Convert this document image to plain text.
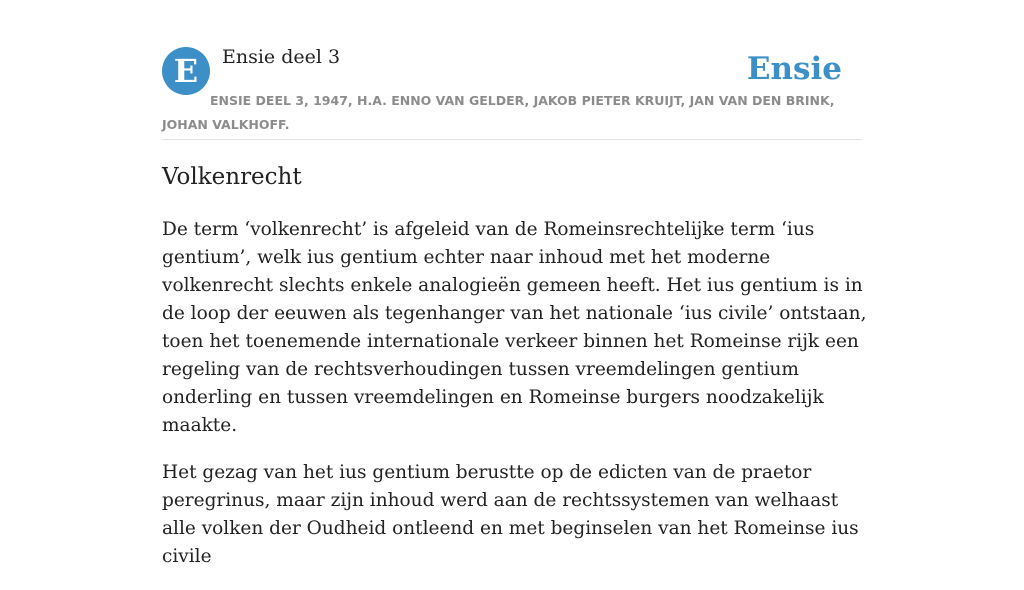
E	Ensie deel 3	Ensie
ENSIE DEEL 3, 1947, H.A. ENNO VAN GELDER, JAKOB PIETER KRUIJT, JAN VAN DEN BRINK, JOHAN VALKHOFF.
Volkenrecht

De term ‘volkenrecht’ is afgeleid van de Romeinsrechtelijke term ‘ius gentium’, welk ius gentium echter naar inhoud met het moderne volkenrecht slechts enkele analogieën gemeen heeft. Het ius gentium is in de loop der eeuwen als tegenhanger van het nationale ‘ius civile’ ontstaan, toen het toenemende internationale verkeer binnen het Romeinse rijk een regeling van de rechtsverhoudingen tussen vreemdelingen gentium onderling en tussen vreemdelingen en Romeinse burgers noodzakelijk maakte.

Het gezag van het ius gentium berustte op de edicten van de praetor peregrinus, maar zijn inhoud werd aan de rechtssystemen van welhaast alle volken der Oudheid ontleend en met beginselen van het Romeinse ius civile
